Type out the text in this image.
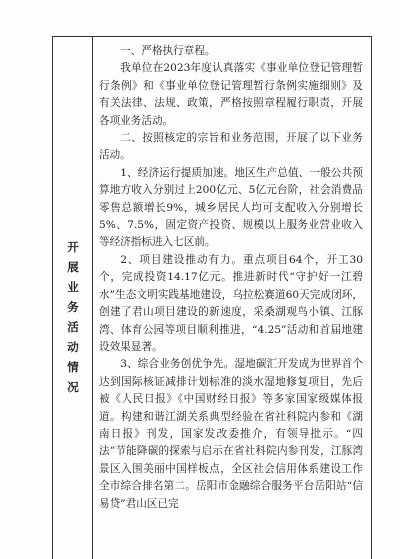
开
展
业
务
活
动
情
况

一、严格执行章程。

我单位在2023年度认真落实《事业单位登记管理暂行条例》和《事业单位登记管理暂行条例实施细则》及有关法律、法规、政策，严格按照章程履行职责，开展各项业务活动。

二、按照核定的宗旨和业务范围，开展了以下业务活动。

1、经济运行提质加速。地区生产总值、一般公共预算地方收入分别过上200亿元、5亿元台阶，社会消费品零售总额增长9%，城乡居民人均可支配收入分别增长5%、7.5%，固定资产投资、规模以上服务业营业收入等经济指标进入七区前。

2、项目建设推动有力。重点项目64个，开工30个，完成投资14.17亿元。推进新时代“守护好一江碧水”生态文明实践基地建设，乌拉松赛道60天完成闭环，创建了君山项目建设的新速度，采桑湖观鸟小镇、江豚湾、体育公园等项目顺利推进，“4.25”活动和首届地建设效果显著。

3、综合业务创优争先。湿地碳汇开发成为世界首个达到国际核证减排计划标准的淡水湿地修复项目，先后被《人民日报》《中国财经日报》等多家国家级媒体报道。构建和谐江湖关系典型经验在省社科院内参和《湖南日报》刊发，国家发改委推介，有领导批示。“四法”节能降碳的探索与启示在省社科院内参刊发，江豚湾景区入围美丽中国样板点，全区社会信用体系建设工作全市综合排名第二。岳阳市金融综合服务平台岳阳站“信易贷”君山区已完
